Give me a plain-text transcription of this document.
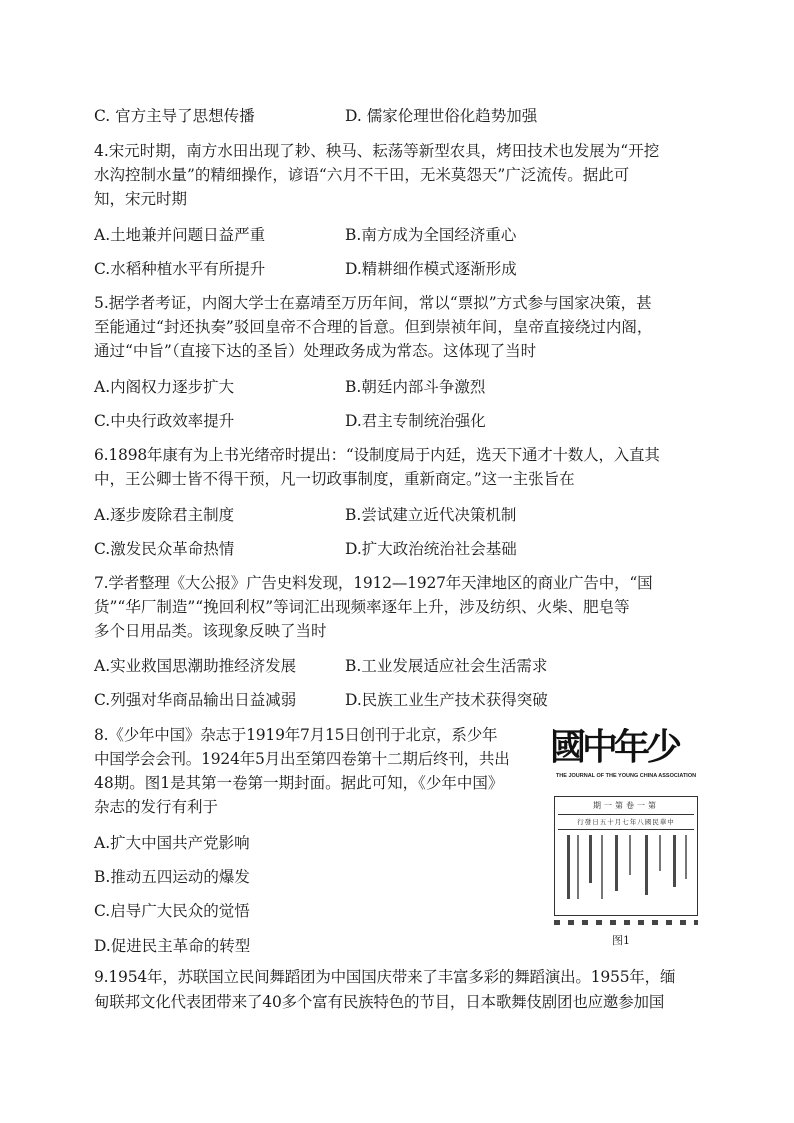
C. 官方主导了思想传播	D. 儒家伦理世俗化趋势加强
4.宋元时期，南方水田出现了耖、秧马、耘荡等新型农具，烤田技术也发展为“开挖
水沟控制水量”的精细操作，谚语“六月不干田，无米莫怨天”广泛流传。据此可
知，宋元时期
A.土地兼并问题日益严重	B.南方成为全国经济重心
C.水稻种植水平有所提升	D.精耕细作模式逐渐形成
5.据学者考证，内阁大学士在嘉靖至万历年间，常以“票拟”方式参与国家决策，甚
至能通过“封还执奏”驳回皇帝不合理的旨意。但到崇祯年间，皇帝直接绕过内阁，
通过“中旨”（直接下达的圣旨）处理政务成为常态。这体现了当时
A.内阁权力逐步扩大	B.朝廷内部斗争激烈
C.中央行政效率提升	D.君主专制统治强化
6.1898年康有为上书光绪帝时提出：“设制度局于内廷，选天下通才十数人，入直其
中，王公卿士皆不得干预，凡一切政事制度，重新商定。”这一主张旨在
A.逐步废除君主制度	B.尝试建立近代决策机制
C.激发民众革命热情	D.扩大政治统治社会基础
7.学者整理《大公报》广告史料发现，1912—1927年天津地区的商业广告中，“国
货”“华厂制造”“挽回利权”等词汇出现频率逐年上升，涉及纺织、火柴、肥皂等
多个日用品类。该现象反映了当时
A.实业救国思潮助推经济发展	B.工业发展适应社会生活需求
C.列强对华商品输出日益减弱	D.民族工业生产技术获得突破
8.《少年中国》杂志于1919年7月15日创刊于北京，系少年
中国学会会刊。1924年5月出至第四卷第十二期后终刊，共出
48期。图1是其第一卷第一期封面。据此可知，《少年中国》
杂志的发行有利于
A.扩大中国共产党影响
B.推动五四运动的爆发
C.启导广大民众的觉悟
D.促进民主革命的转型
國中年少
THE JOURNAL OF THE YOUNG CHINA ASSOCIATION
期一第卷一第
行發日五十月七年八國民華中
图1
9.1954年，苏联国立民间舞蹈团为中国国庆带来了丰富多彩的舞蹈演出。1955年，缅
甸联邦文化代表团带来了40多个富有民族特色的节目，日本歌舞伎剧团也应邀参加国
